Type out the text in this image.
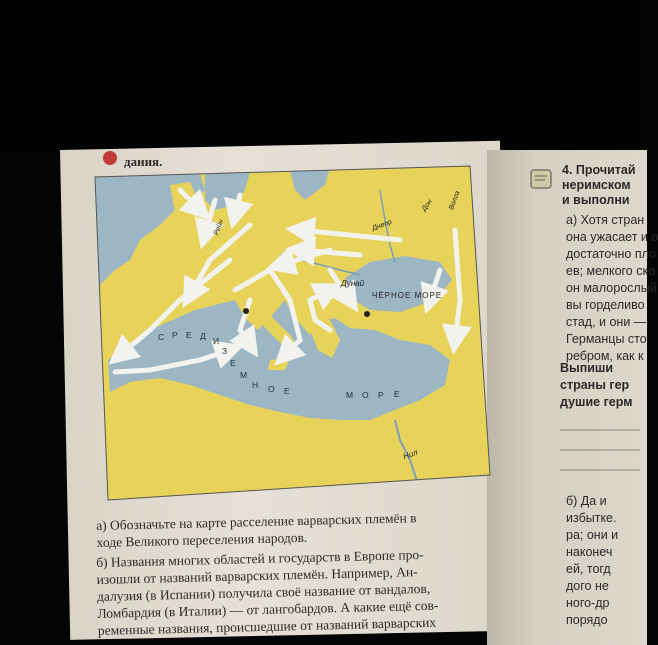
ЧЁРНОЕ МОРЕ
Дунай
Днепр
Дон Волга
Нил
Рейн
С Р Е Д И
З
Е
М
Н О Е	М О Р Е
дания.
а) Обозначьте на карте расселение варварских племён в
ходе Великого переселения народов.
б) Названия многих областей и государств в Европе про-
изошли от названий варварских племён. Например, Ан-
далузия (в Испании) получила своё название от вандалов,
Ломбардия (в Италии) — от лангобардов. А какие ещё сов-
ременные названия, происшедшие от названий варварских
4. Прочитай
неримском
и выполни
а) Хотя стран
она ужасает и о
достаточно пло
ев; мелкого ско
он малорослый
вы горделиво
стад, и они —
Германцы сто
ребром, как к
Выпиши
страны гер
душие герм
б) Да и
избытке.
ра; они и
наконеч
ей, тогд
дого не
ного-др
порядо
